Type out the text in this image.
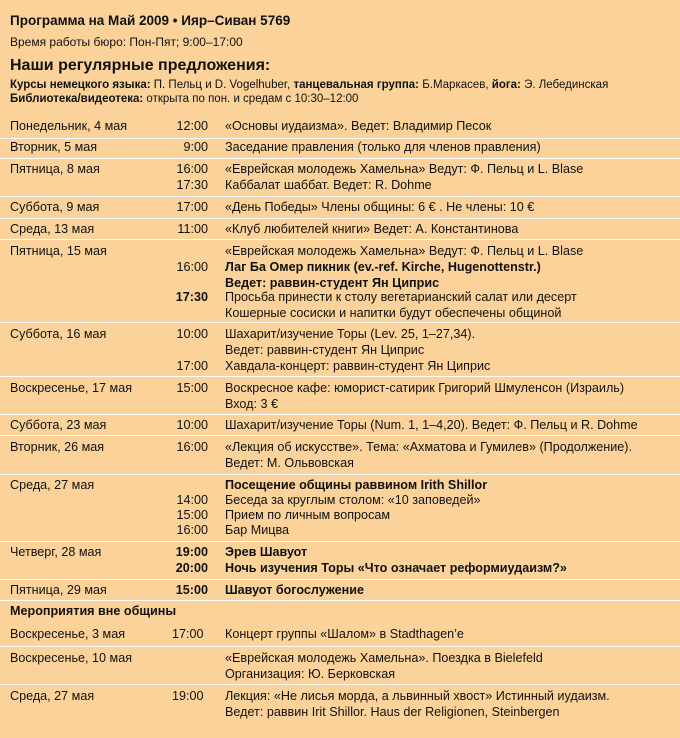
Программа на Май 2009 • Ияр–Сиван 5769
Время работы бюро: Пон-Пят; 9:00–17:00
Наши регулярные предложения:
Курсы немецкого языка: П. Пельц и D. Vogelhuber, танцевальная группа: Б.Маркасев, йога: Э. Лебединская
Библиотека/видеотека: открыта по пон. и средам с 10:30–12:00
Понедельник, 4 мая	12:00 «Основы иудаизма». Ведет: Владимир Песок
Вторник, 5 мая	9:00 Заседание правления (только для членов правления)
Пятница, 8 мая	16:00 «Еврейская молодежь Хамельна» Ведут: Ф. Пельц и L. Blase
17:30 Каббалат шаббат. Ведет: R. Dohme
Суббота, 9 мая	17:00 «День Победы» Члены общины: 6 € . Не члены: 10 €
Среда, 13 мая	11:00 «Клуб любителей книги» Ведет: А. Константинова
Пятница, 15 мая	«Еврейская молодежь Хамельна» Ведут: Ф. Пельц и L. Blase
16:00 Лаг Ба Омер пикник (ev.-ref. Kirche, Hugenottenstr.)
Ведет: раввин-студент Ян Циприс
17:30 Просьба принести к столу вегетарианский салат или десерт
Кошерные сосиски и напитки будут обеспечены общиной
Суббота, 16 мая	10:00 Шахарит/изучение Торы (Lev. 25, 1–27,34).
Ведет: раввин-студент Ян Циприс
17:00 Хавдала-концерт: раввин-студент Ян Циприс
Воскресенье, 17 мая	15:00 Воскресное кафе: юморист-сатирик Григорий Шмуленсон (Израиль)
Вход: 3 €
Суббота, 23 мая	10:00 Шахарит/изучение Торы (Num. 1, 1–4,20). Ведет: Ф. Пельц и R. Dohme
Вторник, 26 мая	16:00 «Лекция об искусстве». Тема: «Ахматова и Гумилев» (Продолжение).
Ведет: М. Ольвовская
Среда, 27 мая	Посещение общины раввином Irith Shillor
14:00 Беседа за круглым столом: «10 заповедей»
15:00 Прием по личным вопросам
16:00 Бар Мицва
Четверг, 28 мая	19:00 Эрев Шавуот
20:00 Ночь изучения Торы «Что означает реформиудаизм?»
Пятница, 29 мая	15:00 Шавуот богослужение
Мероприятия вне общины
Воскресенье, 3 мая	17:00 Концерт группы «Шалом» в Stadthagen’e
Воскресенье, 10 мая	«Еврейская молодежь Хамельна». Поездка в Bielefeld
Организация: Ю. Берковская
Среда, 27 мая	19:00 Лекция: «Не лисья морда, а львинный хвост» Истинный иудаизм.
Ведет: раввин Irit Shillor. Haus der Religionen, Steinbergen
